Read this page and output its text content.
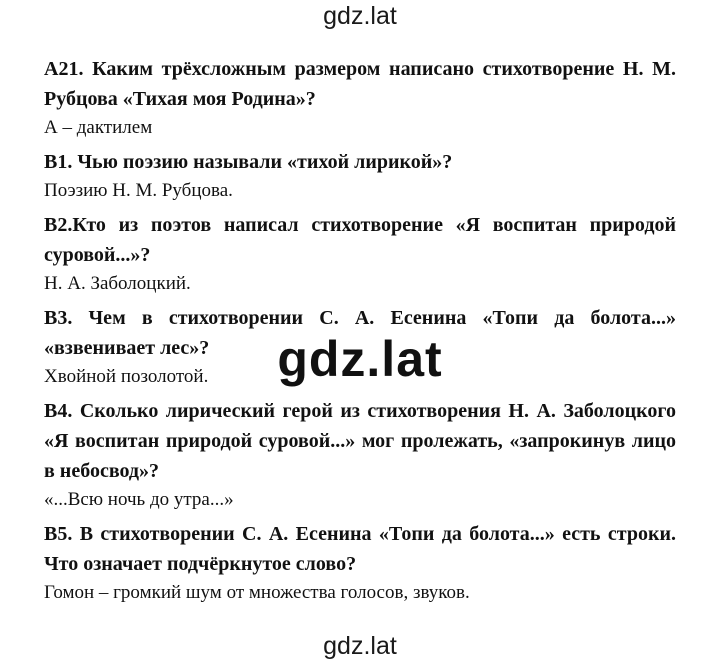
gdz.lat

А21. Каким трёхсложным размером написано стихотворение Н. М. Рубцова «Тихая моя Родина»?

А – дактилем

В1. Чью поэзию называли «тихой лирикой»?

Поэзию Н. М. Рубцова.

В2.Кто из поэтов написал стихотворение «Я воспитан природой суровой...»?

Н. А. Заболоцкий.

В3. Чем в стихотворении С. А. Есенина «Топи да болота...» «взвенивает лес»?

Хвойной позолотой.

В4. Сколько лирический герой из стихотворения Н. А. Заболоцкого «Я воспитан природой суровой...» мог пролежать, «запрокинув лицо в небосвод»?

«...Всю ночь до утра...»

В5. В стихотворении С. А. Есенина «Топи да болота...» есть строки. Что означает подчёркнутое слово?

Гомон – громкий шум от множества голосов, звуков.

gdz.lat
gdz.lat
